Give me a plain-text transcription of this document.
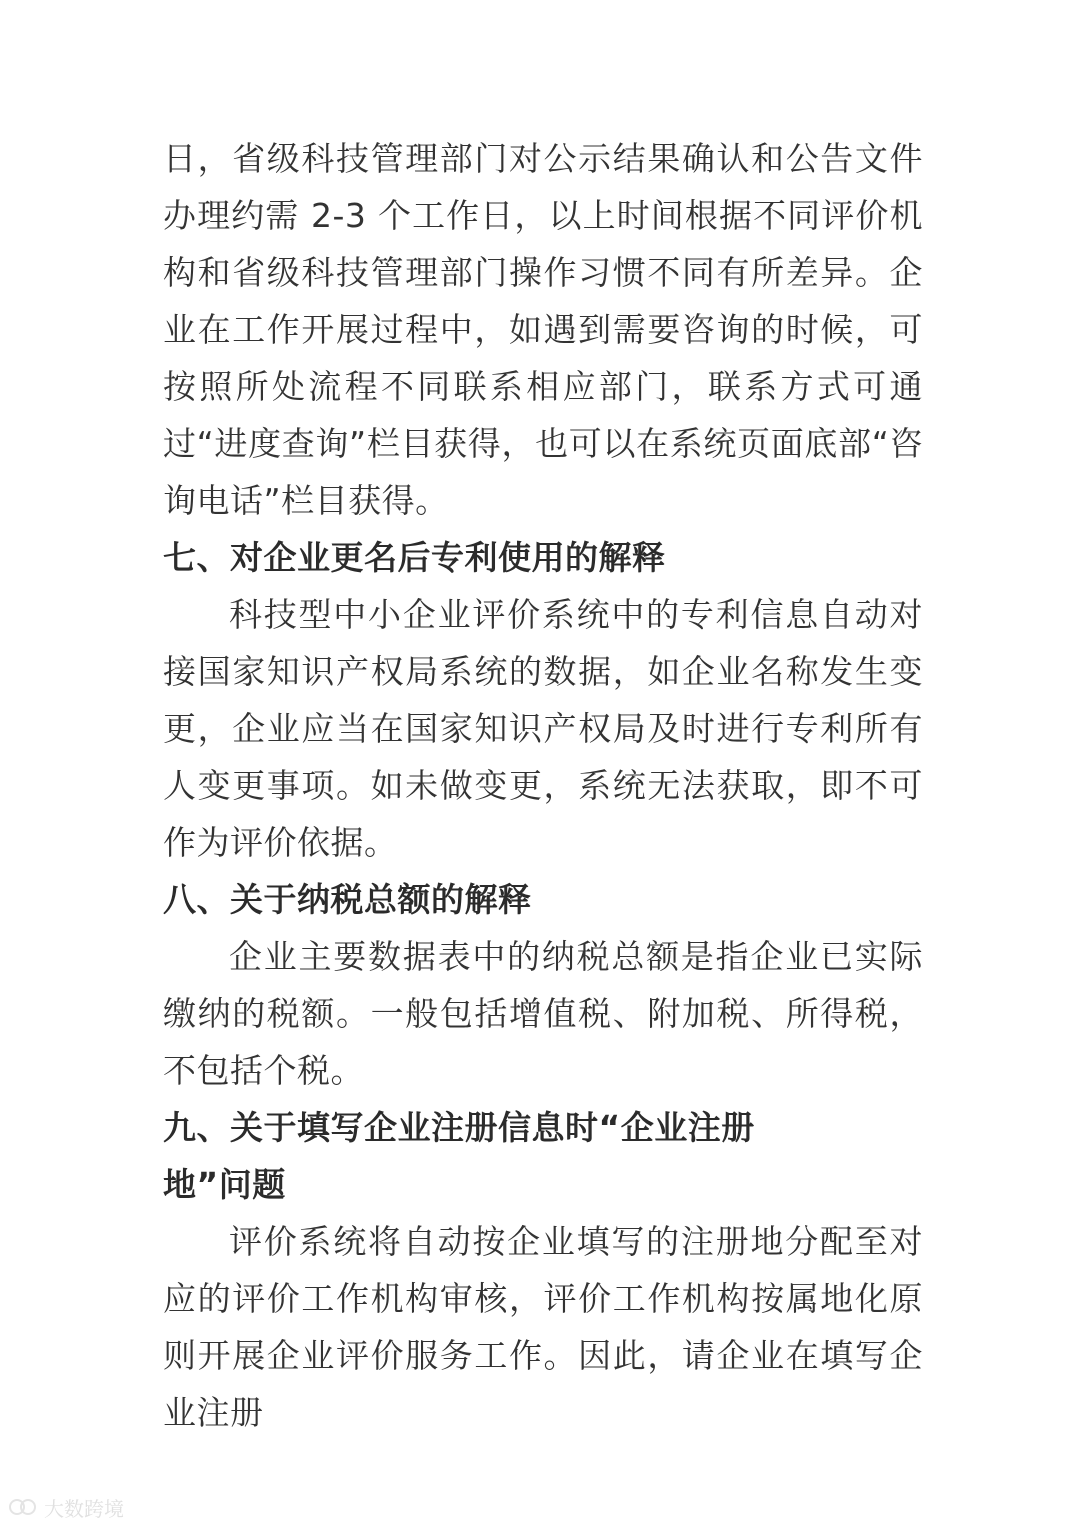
日，省级科技管理部门对公示结果确认和公告文件办理约需 2-3 个工作日，以上时间根据不同评价机构和省级科技管理部门操作习惯不同有所差异。企业在工作开展过程中，如遇到需要咨询的时候，可按照所处流程不同联系相应部门，联系方式可通过“进度查询”栏目获得，也可以在系统页面底部“咨询电话”栏目获得。

七、对企业更名后专利使用的解释

科技型中小企业评价系统中的专利信息自动对接国家知识产权局系统的数据，如企业名称发生变更，企业应当在国家知识产权局及时进行专利所有人变更事项。如未做变更，系统无法获取，即不可作为评价依据。

八、关于纳税总额的解释

企业主要数据表中的纳税总额是指企业已实际缴纳的税额。一般包括增值税、附加税、所得税，不包括个税。

九、关于填写企业注册信息时“企业注册地”问题

评价系统将自动按企业填写的注册地分配至对应的评价工作机构审核，评价工作机构按属地化原则开展企业评价服务工作。因此，请企业在填写企业注册

大数跨境
